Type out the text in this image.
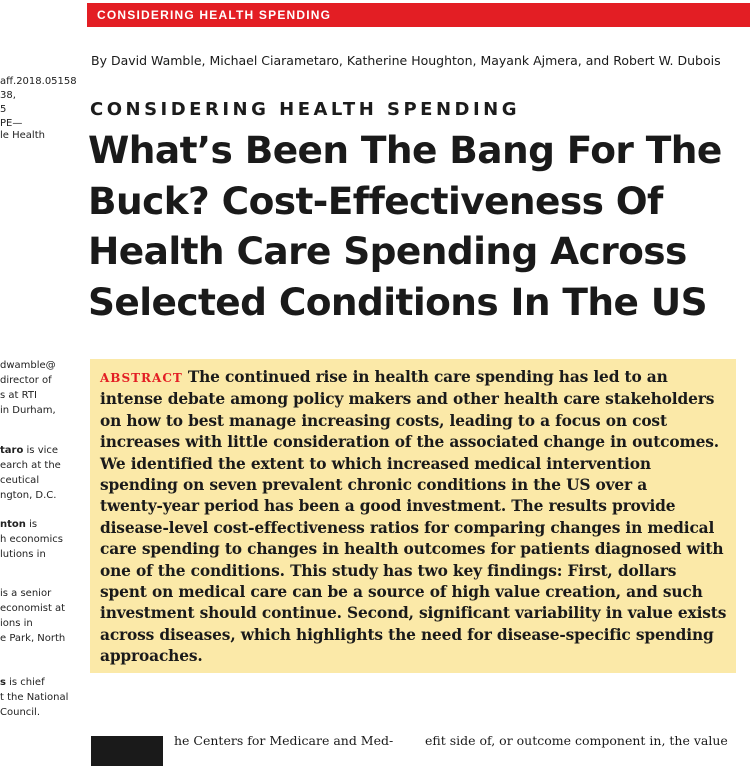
CONSIDERING HEALTH SPENDING
By David Wamble, Michael Ciarametaro, Katherine Houghton, Mayank Ajmera, and Robert W. Dubois
CONSIDERING HEALTH SPENDING
What’s Been The Bang For The
Buck? Cost-Effectiveness Of
Health Care Spending Across
Selected Conditions In The US
ABSTRACT The continued rise in health care spending has led to an
intense debate among policy makers and other health care stakeholders
on how to best manage increasing costs, leading to a focus on cost
increases with little consideration of the associated change in outcomes.
We identified the extent to which increased medical intervention
spending on seven prevalent chronic conditions in the US over a
twenty-year period has been a good investment. The results provide
disease-level cost-effectiveness ratios for comparing changes in medical
care spending to changes in health outcomes for patients diagnosed with
one of the conditions. This study has two key findings: First, dollars
spent on medical care can be a source of high value creation, and such
investment should continue. Second, significant variability in value exists
across diseases, which highlights the need for disease-specific spending
approaches.
aff.2018.05158
38,
5
PE—
le Health
dwamble@
director of
s at RTI
in Durham,
taro is vice
earch at the
ceutical
ngton, D.C.
nton is
h economics
lutions in
is a senior
economist at
ions in
e Park, North
s is chief
t the National
Council.
he Centers for Medicare and Med-	efit side of, or outcome component in, the value
